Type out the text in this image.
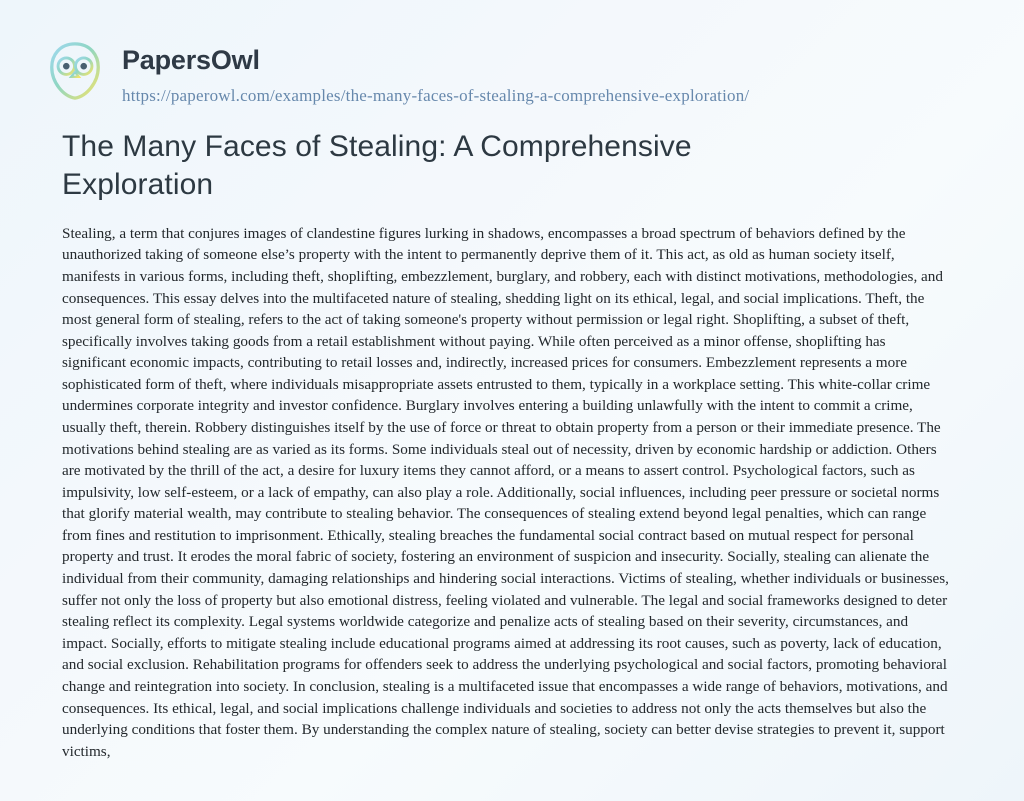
PapersOwl
https://paperowl.com/examples/the-many-faces-of-stealing-a-comprehensive-exploration/
The Many Faces of Stealing: A Comprehensive Exploration

Stealing, a term that conjures images of clandestine figures lurking in shadows, encompasses a broad spectrum of behaviors defined by the unauthorized taking of someone else’s property with the intent to permanently deprive them of it. This act, as old as human society itself, manifests in various forms, including theft, shoplifting, embezzlement, burglary, and robbery, each with distinct motivations, methodologies, and consequences. This essay delves into the multifaceted nature of stealing, shedding light on its ethical, legal, and social implications. Theft, the most general form of stealing, refers to the act of taking someone's property without permission or legal right. Shoplifting, a subset of theft, specifically involves taking goods from a retail establishment without paying. While often perceived as a minor offense, shoplifting has significant economic impacts, contributing to retail losses and, indirectly, increased prices for consumers. Embezzlement represents a more sophisticated form of theft, where individuals misappropriate assets entrusted to them, typically in a workplace setting. This white-collar crime undermines corporate integrity and investor confidence. Burglary involves entering a building unlawfully with the intent to commit a crime, usually theft, therein. Robbery distinguishes itself by the use of force or threat to obtain property from a person or their immediate presence. The motivations behind stealing are as varied as its forms. Some individuals steal out of necessity, driven by economic hardship or addiction. Others are motivated by the thrill of the act, a desire for luxury items they cannot afford, or a means to assert control. Psychological factors, such as impulsivity, low self-esteem, or a lack of empathy, can also play a role. Additionally, social influences, including peer pressure or societal norms that glorify material wealth, may contribute to stealing behavior. The consequences of stealing extend beyond legal penalties, which can range from fines and restitution to imprisonment. Ethically, stealing breaches the fundamental social contract based on mutual respect for personal property and trust. It erodes the moral fabric of society, fostering an environment of suspicion and insecurity. Socially, stealing can alienate the individual from their community, damaging relationships and hindering social interactions. Victims of stealing, whether individuals or businesses, suffer not only the loss of property but also emotional distress, feeling violated and vulnerable. The legal and social frameworks designed to deter stealing reflect its complexity. Legal systems worldwide categorize and penalize acts of stealing based on their severity, circumstances, and impact. Socially, efforts to mitigate stealing include educational programs aimed at addressing its root causes, such as poverty, lack of education, and social exclusion. Rehabilitation programs for offenders seek to address the underlying psychological and social factors, promoting behavioral change and reintegration into society. In conclusion, stealing is a multifaceted issue that encompasses a wide range of behaviors, motivations, and consequences. Its ethical, legal, and social implications challenge individuals and societies to address not only the acts themselves but also the underlying conditions that foster them. By understanding the complex nature of stealing, society can better devise strategies to prevent it, support victims,
